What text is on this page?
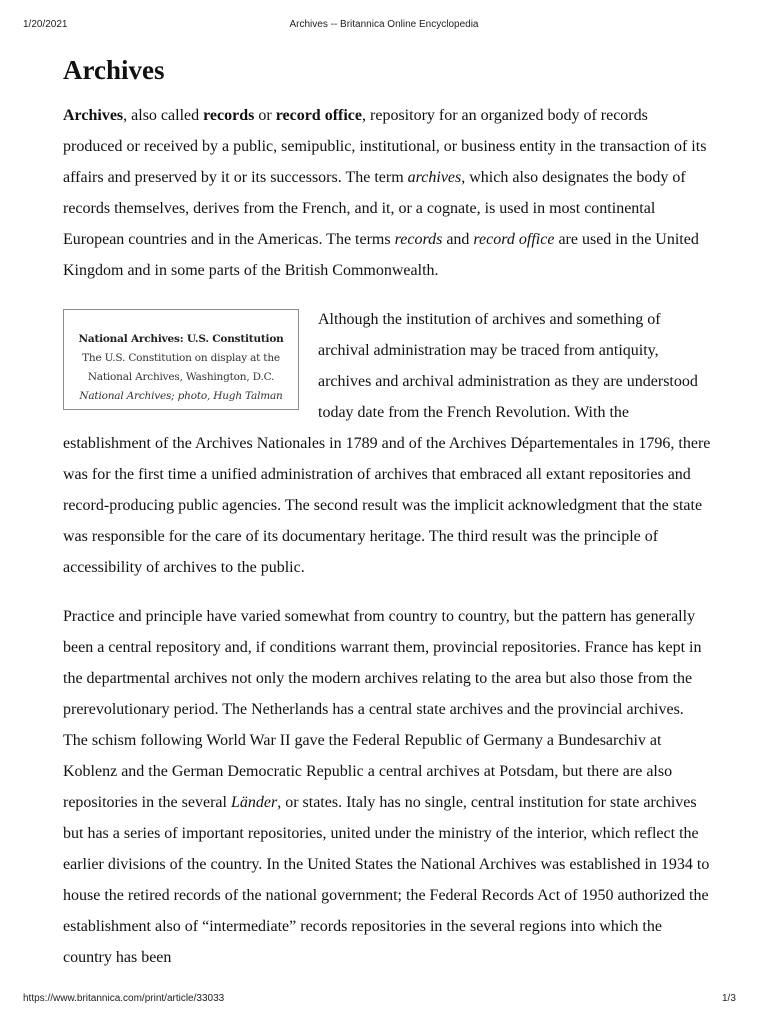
1/20/2021	Archives -- Britannica Online Encyclopedia
Archives

Archives, also called records or record office, repository for an organized body of records produced or received by a public, semipublic, institutional, or business entity in the transaction of its affairs and preserved by it or its successors. The term archives, which also designates the body of records themselves, derives from the French, and it, or a cognate, is used in most continental European countries and in the Americas. The terms records and record office are used in the United Kingdom and in some parts of the British Commonwealth.

National Archives: U.S. Constitution
The U.S. Constitution on display at the National Archives, Washington, D.C.
National Archives; photo, Hugh Talman

Although the institution of archives and something of archival administration may be traced from antiquity, archives and archival administration as they are understood today date from the French Revolution. With the establishment of the Archives Nationales in 1789 and of the Archives Départementales in 1796, there was for the first time a unified administration of archives that embraced all extant repositories and record-producing public agencies. The second result was the implicit acknowledgment that the state was responsible for the care of its documentary heritage. The third result was the principle of accessibility of archives to the public.

Practice and principle have varied somewhat from country to country, but the pattern has generally been a central repository and, if conditions warrant them, provincial repositories. France has kept in the departmental archives not only the modern archives relating to the area but also those from the prerevolutionary period. The Netherlands has a central state archives and the provincial archives. The schism following World War II gave the Federal Republic of Germany a Bundesarchiv at Koblenz and the German Democratic Republic a central archives at Potsdam, but there are also repositories in the several Länder, or states. Italy has no single, central institution for state archives but has a series of important repositories, united under the ministry of the interior, which reflect the earlier divisions of the country. In the United States the National Archives was established in 1934 to house the retired records of the national government; the Federal Records Act of 1950 authorized the establishment also of “intermediate” records repositories in the several regions into which the country has been

https://www.britannica.com/print/article/33033	1/3
